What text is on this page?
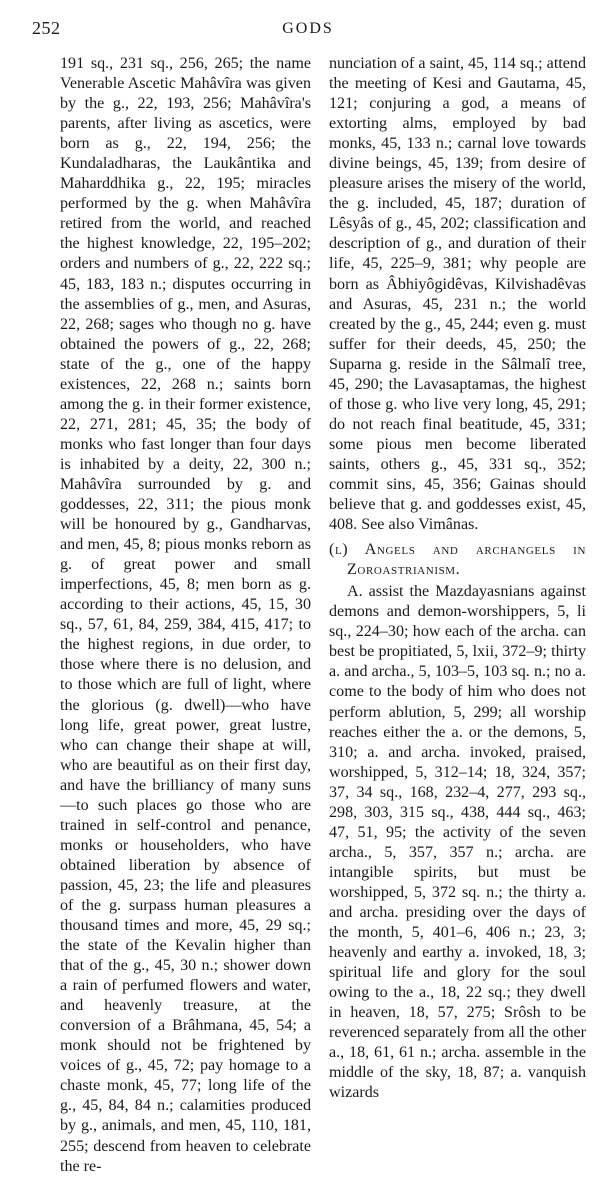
252	GODS

191 sq., 231 sq., 256, 265; the name Venerable Ascetic Mahâvîra was given by the g., 22, 193, 256; Mahâvîra's parents, after living as ascetics, were born as g., 22, 194, 256; the Kundaladharas, the Laukântika and Maharddhika g., 22, 195; miracles performed by the g. when Mahâvîra retired from the world, and reached the highest knowledge, 22, 195–202; orders and numbers of g., 22, 222 sq.; 45, 183, 183 n.; disputes occurring in the assemblies of g., men, and Asuras, 22, 268; sages who though no g. have obtained the powers of g., 22, 268; state of the g., one of the happy existences, 22, 268 n.; saints born among the g. in their former existence, 22, 271, 281; 45, 35; the body of monks who fast longer than four days is inhabited by a deity, 22, 300 n.; Mahâvîra surrounded by g. and goddesses, 22, 311; the pious monk will be honoured by g., Gandharvas, and men, 45, 8; pious monks reborn as g. of great power and small imperfections, 45, 8; men born as g. according to their actions, 45, 15, 30 sq., 57, 61, 84, 259, 384, 415, 417; to the highest regions, in due order, to those where there is no delusion, and to those which are full of light, where the glorious (g. dwell)—who have long life, great power, great lustre, who can change their shape at will, who are beautiful as on their first day, and have the brilliancy of many suns—to such places go those who are trained in self-control and penance, monks or householders, who have obtained liberation by absence of passion, 45, 23; the life and pleasures of the g. surpass human pleasures a thousand times and more, 45, 29 sq.; the state of the Kevalin higher than that of the g., 45, 30 n.; shower down a rain of perfumed flowers and water, and heavenly treasure, at the conversion of a Brâhmana, 45, 54; a monk should not be frightened by voices of g., 45, 72; pay homage to a chaste monk, 45, 77; long life of the g., 45, 84, 84 n.; calamities produced by g., animals, and men, 45, 110, 181, 255; descend from heaven to celebrate the re-

nunciation of a saint, 45, 114 sq.; attend the meeting of Kesi and Gautama, 45, 121; conjuring a god, a means of extorting alms, employed by bad monks, 45, 133 n.; carnal love towards divine beings, 45, 139; from desire of pleasure arises the misery of the world, the g. included, 45, 187; duration of Lêsyâs of g., 45, 202; classification and description of g., and duration of their life, 45, 225–9, 381; why people are born as Âbhiyôgidêvas, Kilvishadêvas and Asuras, 45, 231 n.; the world created by the g., 45, 244; even g. must suffer for their deeds, 45, 250; the Suparna g. reside in the Sâlmalî tree, 45, 290; the Lavasaptamas, the highest of those g. who live very long, 45, 291; do not reach final beatitude, 45, 331; some pious men become liberated saints, others g., 45, 331 sq., 352; commit sins, 45, 356; Gainas should believe that g. and goddesses exist, 45, 408. See also Vimânas.

(l) Angels and archangels in Zoroastrianism.

A. assist the Mazdayasnians against demons and demon-worshippers, 5, li sq., 224–30; how each of the archa. can best be propitiated, 5, lxii, 372–9; thirty a. and archa., 5, 103–5, 103 sq. n.; no a. come to the body of him who does not perform ablution, 5, 299; all worship reaches either the a. or the demons, 5, 310; a. and archa. invoked, praised, worshipped, 5, 312–14; 18, 324, 357; 37, 34 sq., 168, 232–4, 277, 293 sq., 298, 303, 315 sq., 438, 444 sq., 463; 47, 51, 95; the activity of the seven archa., 5, 357, 357 n.; archa. are intangible spirits, but must be worshipped, 5, 372 sq. n.; the thirty a. and archa. presiding over the days of the month, 5, 401–6, 406 n.; 23, 3; heavenly and earthy a. invoked, 18, 3; spiritual life and glory for the soul owing to the a., 18, 22 sq.; they dwell in heaven, 18, 57, 275; Srôsh to be reverenced separately from all the other a., 18, 61, 61 n.; archa. assemble in the middle of the sky, 18, 87; a. vanquish wizards
